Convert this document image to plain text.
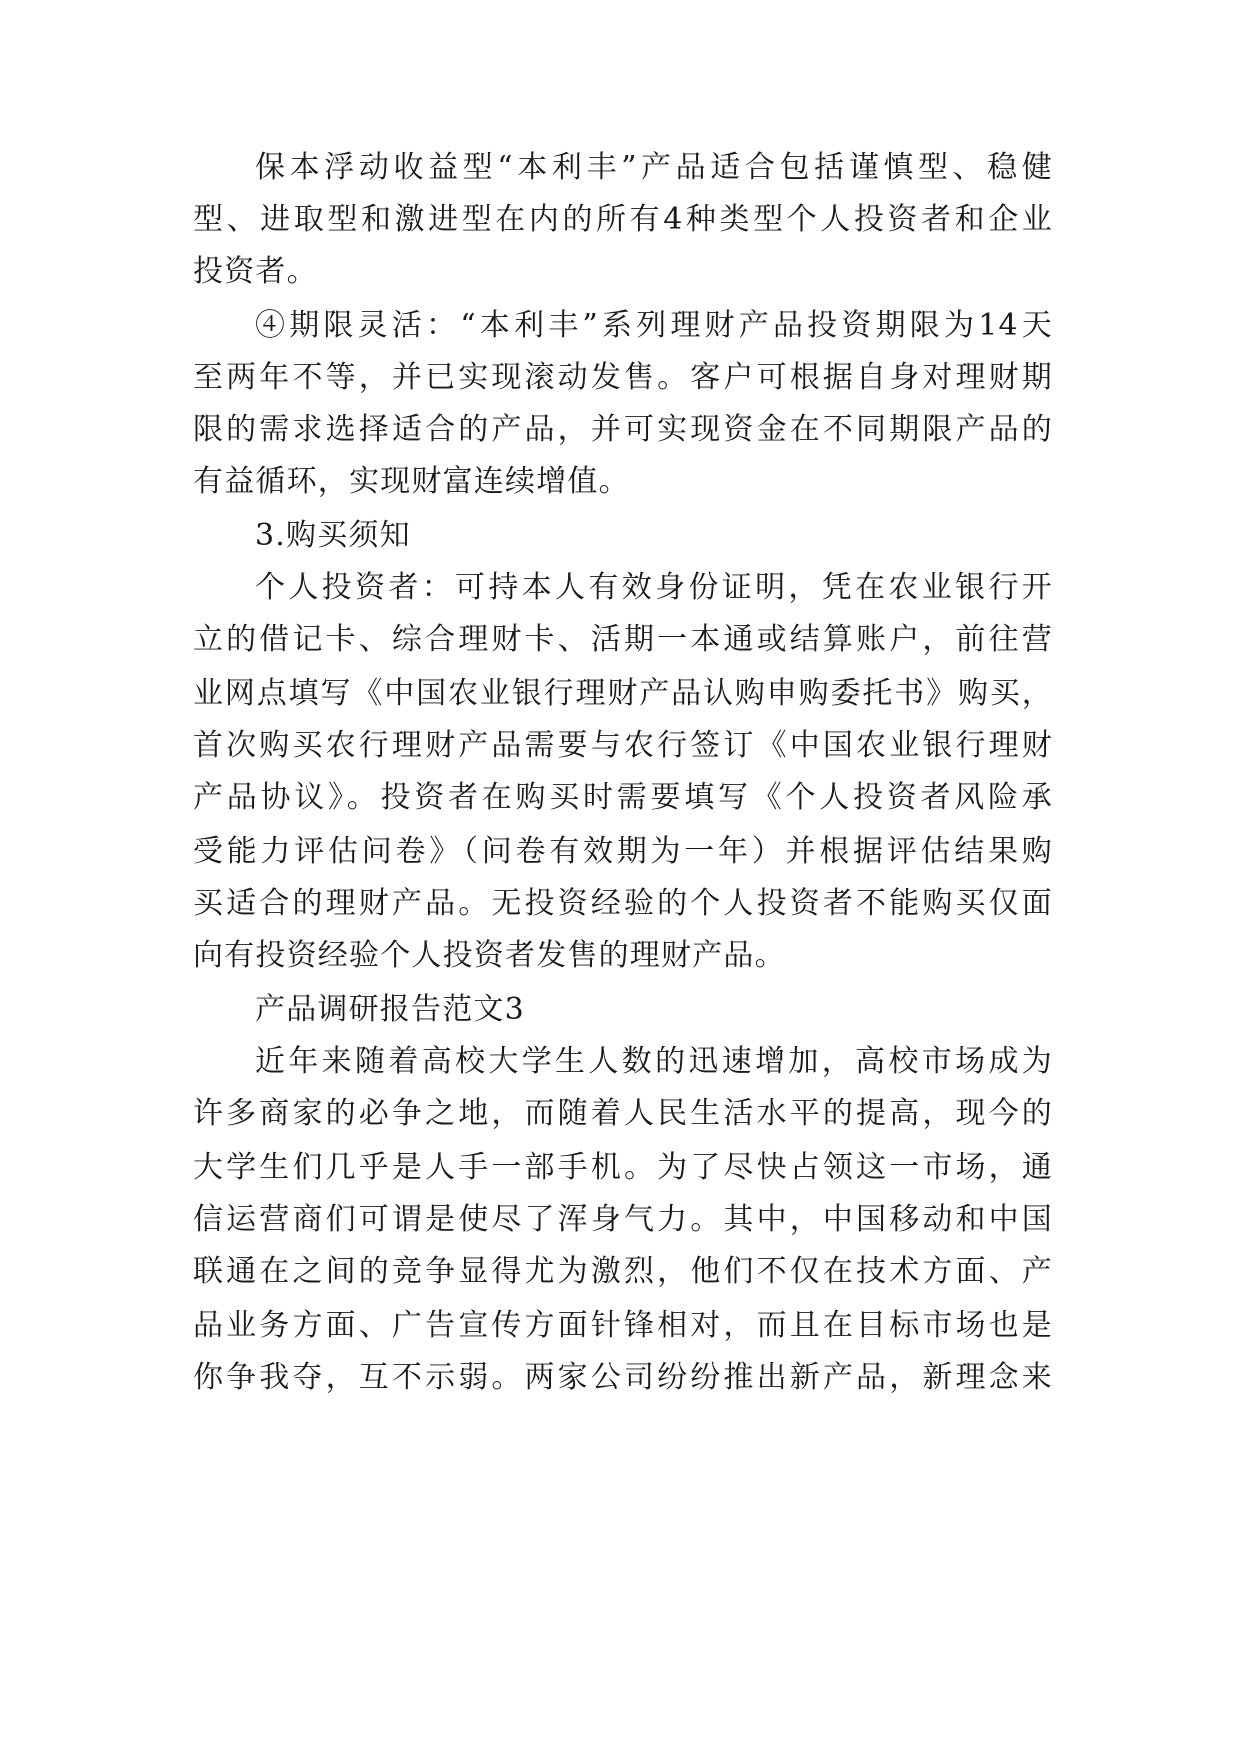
保本浮动收益型“本利丰”产品适合包括谨慎型、稳健
型、进取型和激进型在内的所有4种类型个人投资者和企业
投资者。
④期限灵活：“本利丰”系列理财产品投资期限为14天
至两年不等，并已实现滚动发售。客户可根据自身对理财期
限的需求选择适合的产品，并可实现资金在不同期限产品的
有益循环，实现财富连续增值。
3.购买须知
个人投资者：可持本人有效身份证明，凭在农业银行开
立的借记卡、综合理财卡、活期一本通或结算账户，前往营
业网点填写《中国农业银行理财产品认购申购委托书》购买，
首次购买农行理财产品需要与农行签订《中国农业银行理财
产品协议》。投资者在购买时需要填写《个人投资者风险承
受能力评估问卷》（问卷有效期为一年）并根据评估结果购
买适合的理财产品。无投资经验的个人投资者不能购买仅面
向有投资经验个人投资者发售的理财产品。
产品调研报告范文3
近年来随着高校大学生人数的迅速增加，高校市场成为
许多商家的必争之地，而随着人民生活水平的提高，现今的
大学生们几乎是人手一部手机。为了尽快占领这一市场，通
信运营商们可谓是使尽了浑身气力。其中，中国移动和中国
联通在之间的竞争显得尤为激烈，他们不仅在技术方面、产
品业务方面、广告宣传方面针锋相对，而且在目标市场也是
你争我夺，互不示弱。两家公司纷纷推出新产品，新理念来
